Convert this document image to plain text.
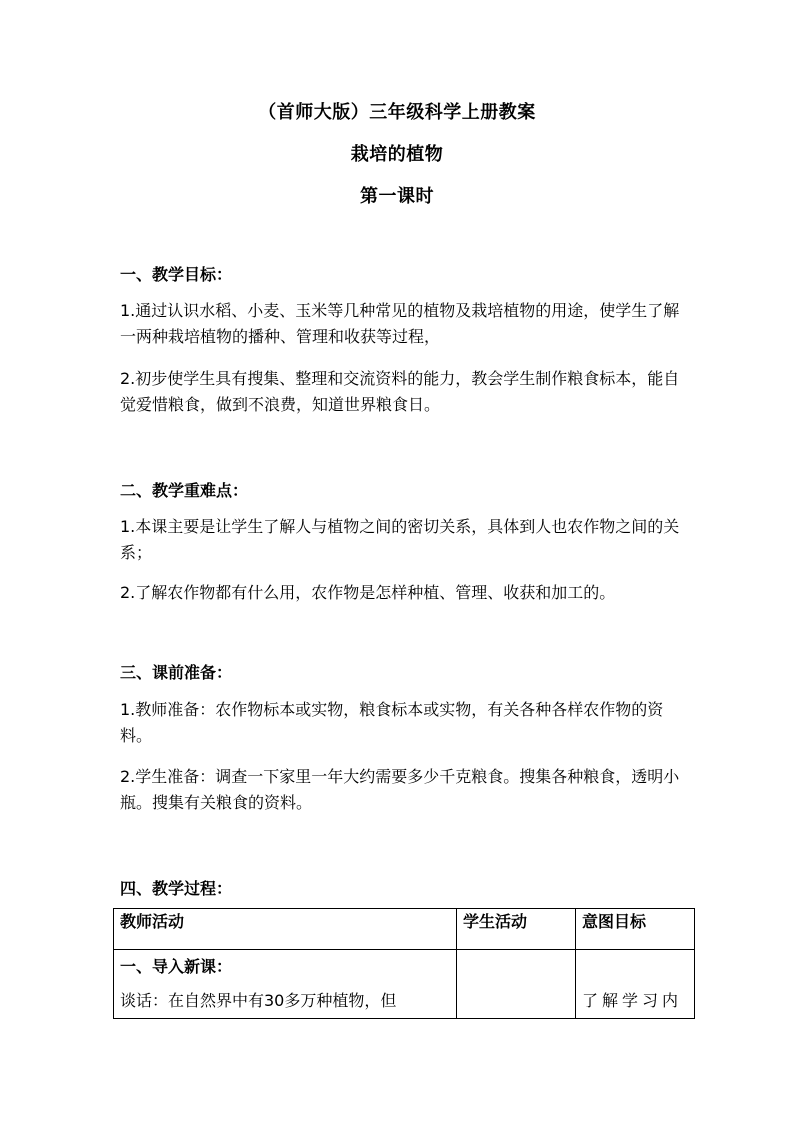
（首师大版）三年级科学上册教案
栽培的植物
第一课时
一、教学目标：
1.通过认识水稻、小麦、玉米等几种常见的植物及栽培植物的用途，使学生了解一两种栽培植物的播种、管理和收获等过程，
2.初步使学生具有搜集、整理和交流资料的能力，教会学生制作粮食标本，能自觉爱惜粮食，做到不浪费，知道世界粮食日。
二、教学重难点：
1.本课主要是让学生了解人与植物之间的密切关系，具体到人也农作物之间的关系；
2.了解农作物都有什么用，农作物是怎样种植、管理、收获和加工的。
三、课前准备：
1.教师准备：农作物标本或实物，粮食标本或实物，有关各种各样农作物的资料。
2.学生准备：调查一下家里一年大约需要多少千克粮食。搜集各种粮食，透明小瓶。搜集有关粮食的资料。
四、教学过程：
教师活动	学生活动	意图目标

一、导入新课：
谈话：在自然界中有30多万种植物，但		了解学习内
